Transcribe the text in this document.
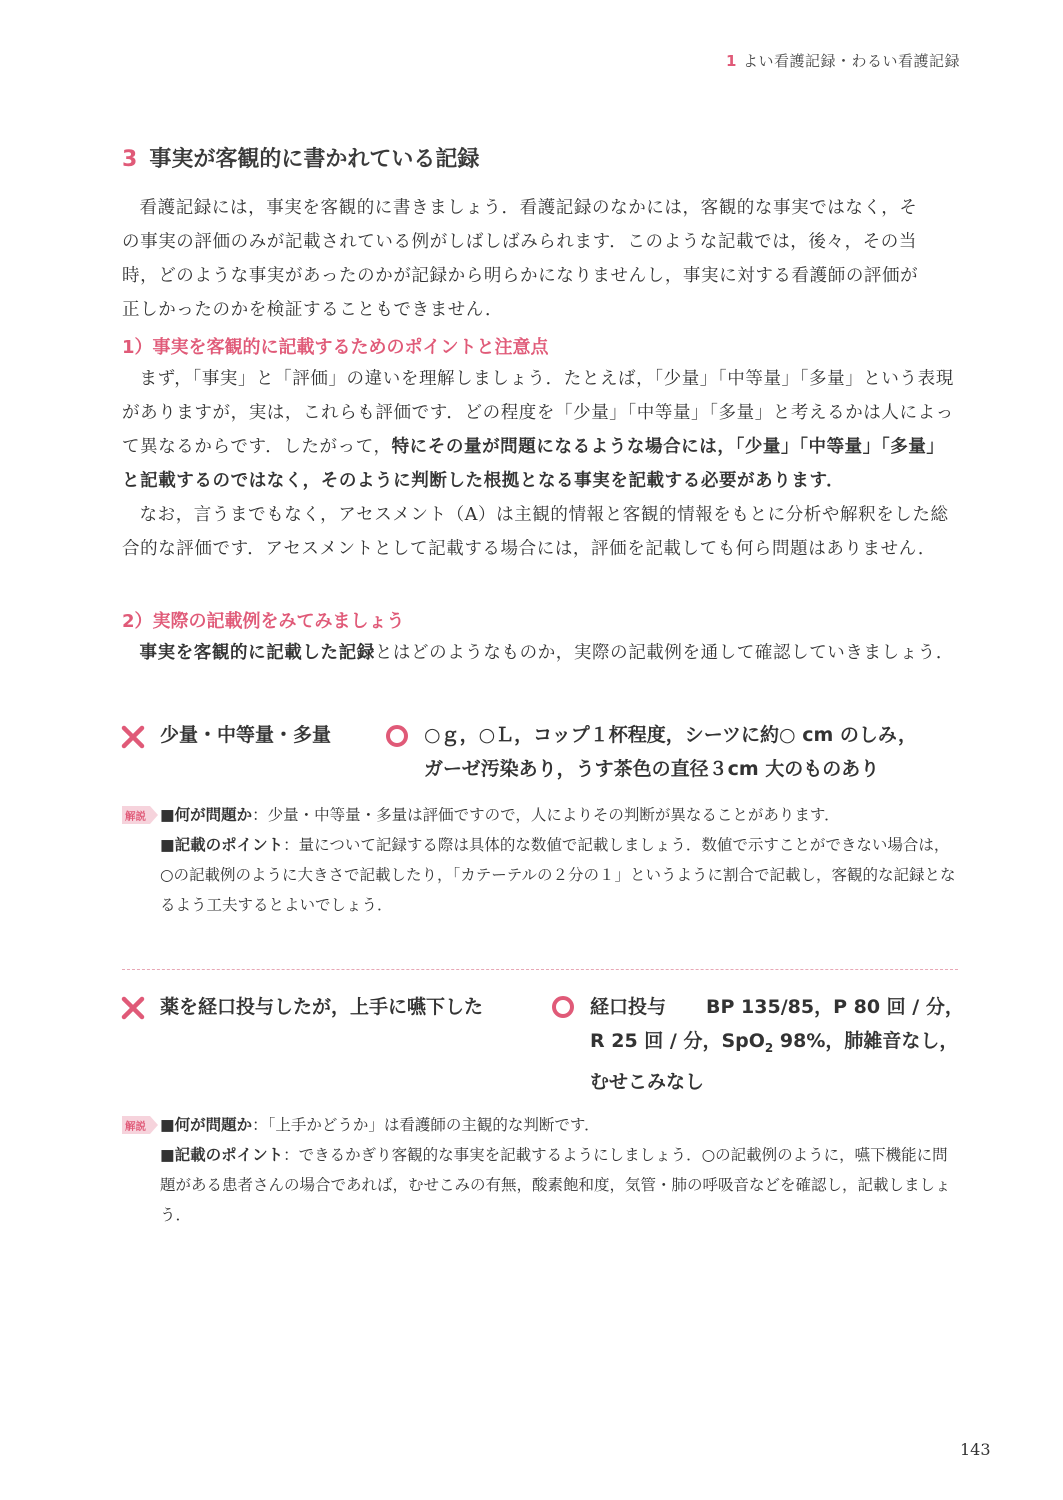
1 よい看護記録・わるい看護記録
3 事実が客観的に書かれている記録
看護記録には，事実を客観的に書きましょう．看護記録のなかには，客観的な事実ではなく，そ
の事実の評価のみが記載されている例がしばしばみられます．このような記載では，後々，その当
時，どのような事実があったのかが記録から明らかになりませんし，事実に対する看護師の評価が
正しかったのかを検証することもできません．
1）事実を客観的に記載するためのポイントと注意点

まず，「事実」と「評価」の違いを理解しましょう．たとえば，「少量」「中等量」「多量」という表現がありますが，実は，これらも評価です．どの程度を「少量」「中等量」「多量」と考えるかは人によって異なるからです．したがって，特にその量が問題になるような場合には，「少量」「中等量」「多量」と記載するのではなく，そのように判断した根拠となる事実を記載する必要があります．

なお，言うまでもなく，アセスメント（A）は主観的情報と客観的情報をもとに分析や解釈をした総合的な評価です．アセスメントとして記載する場合には，評価を記載しても何ら問題はありません．

2）実際の記載例をみてみましょう

事実を客観的に記載した記録とはどのようなものか，実際の記載例を通して確認していきましょう．

少量・中等量・多量	○ｇ，○Ｌ，コップ１杯程度，シーツに約○ cm のしみ，
ガーゼ汚染あり，うす茶色の直径３cm 大のものあり
解説 ■何が問題か：少量・中等量・多量は評価ですので，人によりその判断が異なることがあります．
■記載のポイント：量について記録する際は具体的な数値で記載しましょう．数値で示すことができない場合は，○の記載例のように大きさで記載したり，「カテーテルの２分の１」というように割合で記載し，客観的な記録となるよう工夫するとよいでしょう．
薬を経口投与したが，上手に嚥下した	経口投与 BP 135/85，P 80 回 / 分，
R 25 回 / 分，SpO$_2$ 98%，肺雑音なし，
むせこみなし
解説 ■何が問題か：「上手かどうか」は看護師の主観的な判断です．
■記載のポイント：できるかぎり客観的な事実を記載するようにしましょう．○の記載例のように，嚥下機能に問題がある患者さんの場合であれば，むせこみの有無，酸素飽和度，気管・肺の呼吸音などを確認し，記載しましょう．
143
